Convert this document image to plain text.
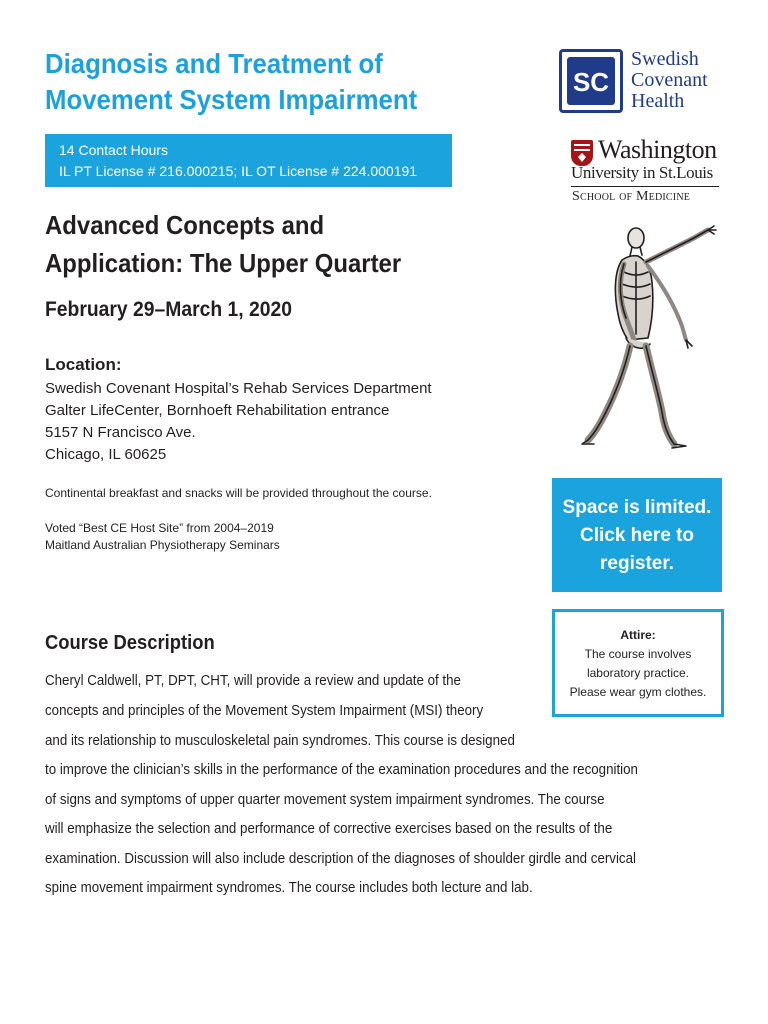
Diagnosis and Treatment of
Movement System Impairment
14 Contact Hours
IL PT License # 216.000215; IL OT License # 224.000191
Advanced Concepts and
Application: The Upper Quarter
February 29–March 1, 2020
Location:
Swedish Covenant Hospital’s Rehab Services Department
Galter LifeCenter, Bornhoeft Rehabilitation entrance
5157 N Francisco Ave.
Chicago, IL 60625
Continental breakfast and snacks will be provided throughout the course.
Voted “Best CE Host Site” from 2004–2019
Maitland Australian Physiotherapy Seminars
Course Description
Cheryl Caldwell, PT, DPT, CHT, will provide a review and update of the
concepts and principles of the Movement System Impairment (MSI) theory
and its relationship to musculoskeletal pain syndromes. This course is designed
to improve the clinician’s skills in the performance of the examination procedures and the recognition
of signs and symptoms of upper quarter movement system impairment syndromes. The course
will emphasize the selection and performance of corrective exercises based on the results of the
examination. Discussion will also include description of the diagnoses of shoulder girdle and cervical
spine movement impairment syndromes. The course includes both lecture and lab.
SC
Swedish
Covenant
Health
Washington
University in St.Louis
School of Medicine
Space is limited.
Click here to
register.
Attire:
The course involves
laboratory practice.
Please wear gym clothes.
